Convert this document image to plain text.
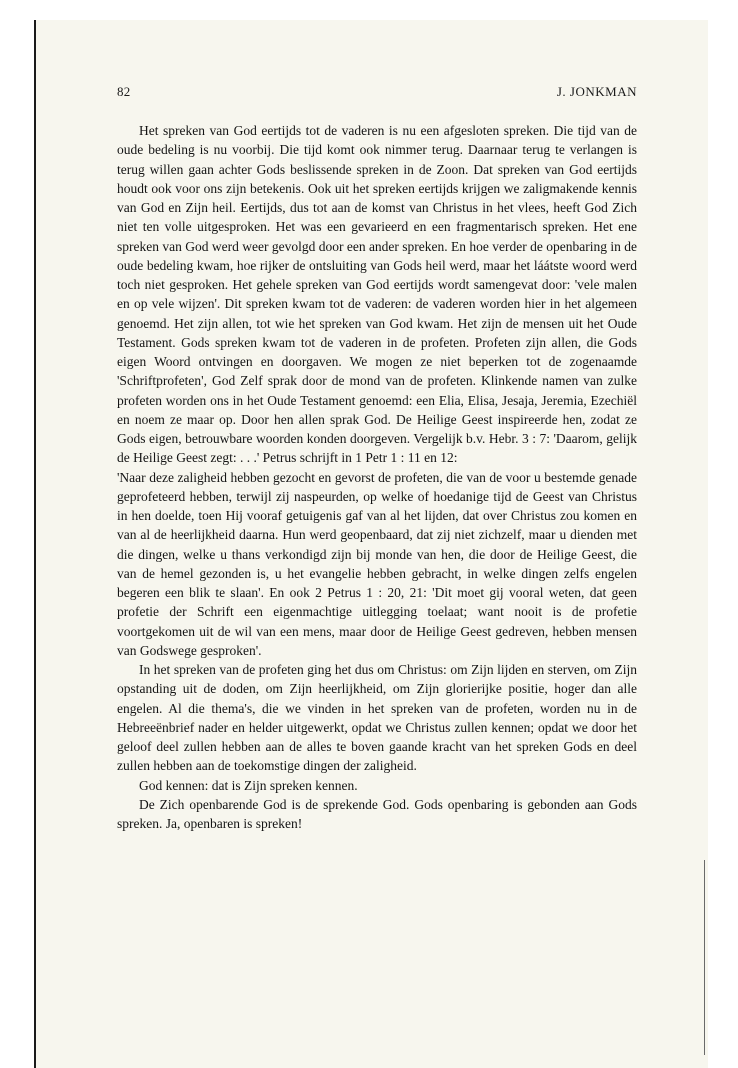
82	J. JONKMAN

Het spreken van God eertijds tot de vaderen is nu een afgesloten spreken. Die tijd van de oude bedeling is nu voorbij. Die tijd komt ook nimmer terug. Daarnaar terug te verlangen is terug willen gaan achter Gods beslissende spreken in de Zoon. Dat spreken van God eertijds houdt ook voor ons zijn betekenis. Ook uit het spreken eertijds krijgen we zaligmakende kennis van God en Zijn heil. Eertijds, dus tot aan de komst van Christus in het vlees, heeft God Zich niet ten volle uitgesproken. Het was een gevarieerd en een fragmentarisch spreken. Het ene spreken van God werd weer gevolgd door een ander spreken. En hoe verder de openbaring in de oude bedeling kwam, hoe rijker de ontsluiting van Gods heil werd, maar het láátste woord werd toch niet gesproken. Het gehele spreken van God eertijds wordt samengevat door: 'vele malen en op vele wijzen'. Dit spreken kwam tot de vaderen: de vaderen worden hier in het algemeen genoemd. Het zijn allen, tot wie het spreken van God kwam. Het zijn de mensen uit het Oude Testament. Gods spreken kwam tot de vaderen in de profeten. Profeten zijn allen, die Gods eigen Woord ontvingen en doorgaven. We mogen ze niet beperken tot de zogenaamde 'Schriftprofeten', God Zelf sprak door de mond van de profeten. Klinkende namen van zulke profeten worden ons in het Oude Testament genoemd: een Elia, Elisa, Jesaja, Jeremia, Ezechiël en noem ze maar op. Door hen allen sprak God. De Heilige Geest inspireerde hen, zodat ze Gods eigen, betrouwbare woorden konden doorgeven. Vergelijk b.v. Hebr. 3 : 7: 'Daarom, gelijk de Heilige Geest zegt: . . .' Petrus schrijft in 1 Petr 1 : 11 en 12:

'Naar deze zaligheid hebben gezocht en gevorst de profeten, die van de voor u bestemde genade geprofeteerd hebben, terwijl zij naspeurden, op welke of hoedanige tijd de Geest van Christus in hen doelde, toen Hij vooraf getuigenis gaf van al het lijden, dat over Christus zou komen en van al de heerlijkheid daarna. Hun werd geopenbaard, dat zij niet zichzelf, maar u dienden met die dingen, welke u thans verkondigd zijn bij monde van hen, die door de Heilige Geest, die van de hemel gezonden is, u het evangelie hebben gebracht, in welke dingen zelfs engelen begeren een blik te slaan'. En ook 2 Petrus 1 : 20, 21: 'Dit moet gij vooral weten, dat geen profetie der Schrift een eigenmachtige uitlegging toelaat; want nooit is de profetie voortgekomen uit de wil van een mens, maar door de Heilige Geest gedreven, hebben mensen van Godswege gesproken'.

In het spreken van de profeten ging het dus om Christus: om Zijn lijden en sterven, om Zijn opstanding uit de doden, om Zijn heerlijkheid, om Zijn glorierijke positie, hoger dan alle engelen. Al die thema's, die we vinden in het spreken van de profeten, worden nu in de Hebreeënbrief nader en helder uitgewerkt, opdat we Christus zullen kennen; opdat we door het geloof deel zullen hebben aan de alles te boven gaande kracht van het spreken Gods en deel zullen hebben aan de toekomstige dingen der zaligheid.

God kennen: dat is Zijn spreken kennen.

De Zich openbarende God is de sprekende God. Gods openbaring is gebonden aan Gods spreken. Ja, openbaren is spreken!
